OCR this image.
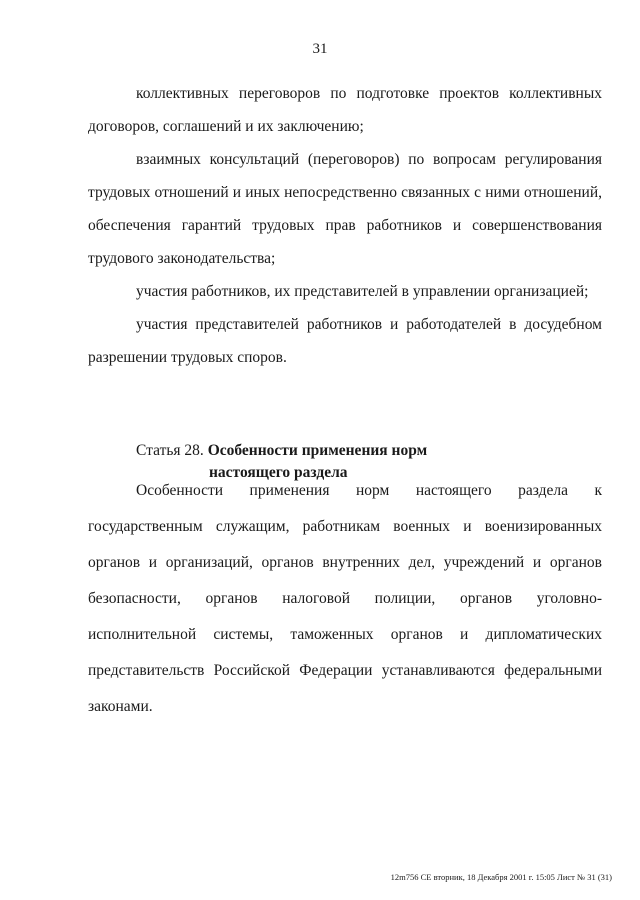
31

коллективных переговоров по подготовке проектов коллективных договоров, соглашений и их заключению;

взаимных консультаций (переговоров) по вопросам регулирования трудовых отношений и иных непосредственно связанных с ними отношений, обеспечения гарантий трудовых прав работников и совершенствования трудового законодательства;

участия работников, их представителей в управлении организацией;

участия представителей работников и работодателей в досудебном разрешении трудовых споров.

Статья 28. Особенности применения норм
настоящего раздела

Особенности применения норм настоящего раздела к государственным служащим, работникам военных и военизированных органов и организаций, органов внутренних дел, учреждений и органов безопасности, органов налоговой полиции, органов уголовно-исполнительной системы, таможенных органов и дипломатических представительств Российской Федерации устанавливаются федеральными законами.

12m756 СЕ вторник, 18 Декабря 2001 г. 15:05 Лист № 31 (31)
